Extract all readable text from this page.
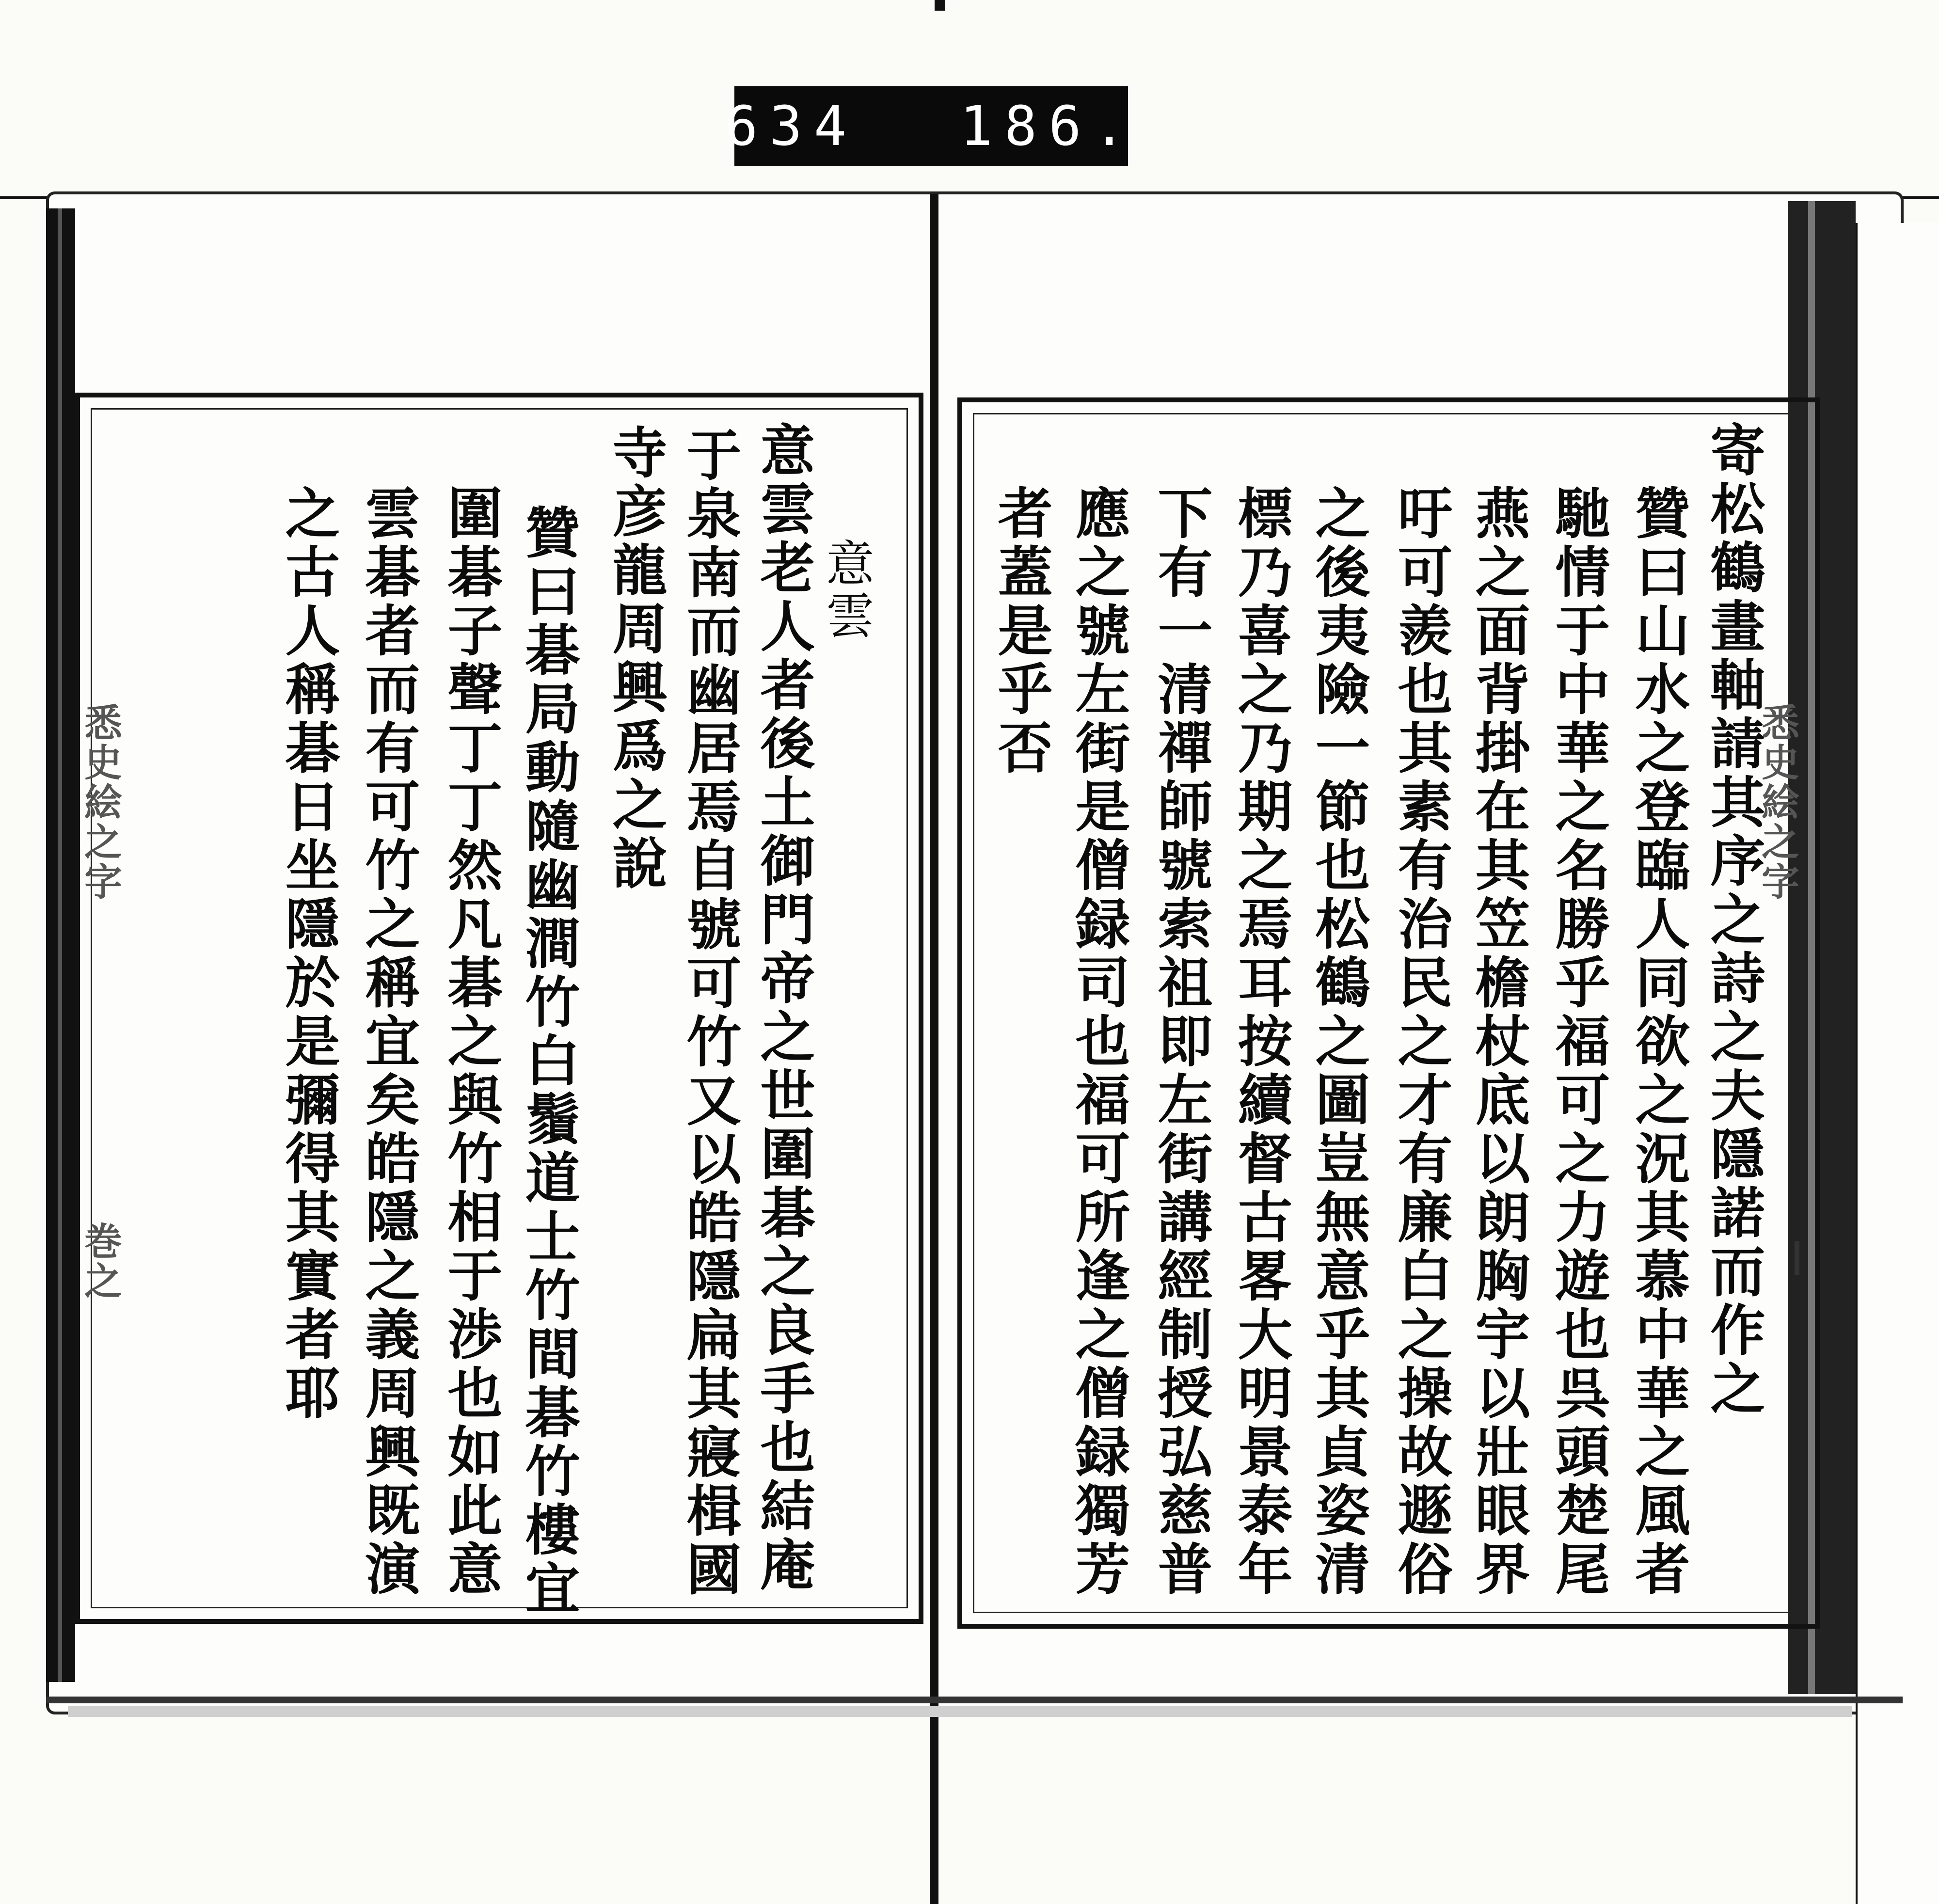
634 186.
悉史絵之字
巻之
意雲
意雲老人者後土御門帝之世圍碁之良手也結庵
于泉南而幽居焉自號可竹又以皓隱扁其寢楫國
寺彦龍周興爲之說
贊曰碁局動隨幽澗竹白鬚道士竹間碁竹樓宜
圍碁子聲丁丁然凡碁之與竹相于渉也如此意
雲碁者而有可竹之稱宜矣皓隱之義周興既演
之古人稱碁日坐隱於是彌得其實者耶	悉史絵之字
寄松鶴畫軸請其序之詩之夫隱諾而作之
贊曰山水之登臨人同欲之況其慕中華之風者
馳情于中華之名勝乎福可之力遊也呉頭楚尾
燕之面背掛在其笠檐杖底以朗胸宇以壯眼界
吁可羨也其素有治民之才有廉白之操故遯俗
之後夷險一節也松鶴之圖豈無意乎其貞姿清
標乃喜之乃期之焉耳按續督古畧大明景泰年
下有一清禪師號索祖即左街講經制授弘慈普
應之號左街是僧録司也福可所逢之僧録獨芳
者蓋是乎否
